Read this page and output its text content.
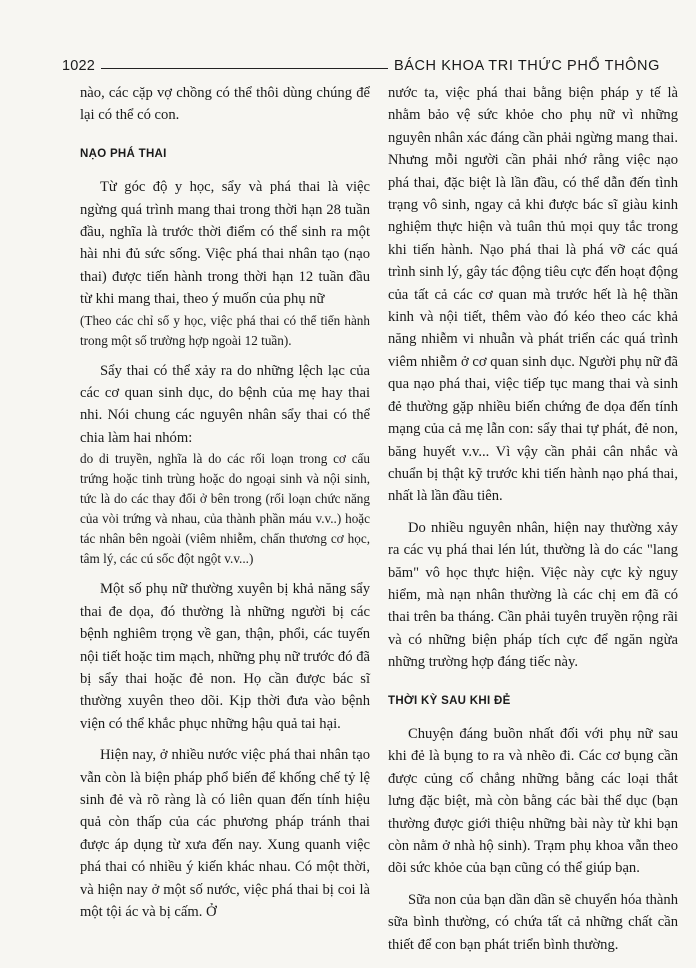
1022	BÁCH KHOA TRI THỨC PHỔ THÔNG

nào, các cặp vợ chồng có thể thôi dùng chúng để lại có thể có con.

NẠO PHÁ THAI

Từ góc độ y học, sẩy và phá thai là việc ngừng quá trình mang thai trong thời hạn 28 tuần đầu, nghĩa là trước thời điểm có thể sinh ra một hài nhi đủ sức sống. Việc phá thai nhân tạo (nạo thai) được tiến hành trong thời hạn 12 tuần đầu từ khi mang thai, theo ý muốn của phụ nữ

(Theo các chỉ số y học, việc phá thai có thể tiến hành trong một số trường hợp ngoài 12 tuần).

Sẩy thai có thể xảy ra do những lệch lạc của các cơ quan sinh dục, do bệnh của mẹ hay thai nhi. Nói chung các nguyên nhân sẩy thai có thể chia làm hai nhóm:

do di truyền, nghĩa là do các rối loạn trong cơ cấu trứng hoặc tinh trùng hoặc do ngoại sinh và nội sinh, tức là do các thay đổi ở bên trong (rối loạn chức năng của vòi trứng và nhau, của thành phần máu v.v..) hoặc tác nhân bên ngoài (viêm nhiễm, chấn thương cơ học, tâm lý, các cú sốc đột ngột v.v...)

Một số phụ nữ thường xuyên bị khả năng sẩy thai đe dọa, đó thường là những người bị các bệnh nghiêm trọng về gan, thận, phổi, các tuyến nội tiết hoặc tim mạch, những phụ nữ trước đó đã bị sẩy thai hoặc đẻ non. Họ cần được bác sĩ thường xuyên theo dõi. Kịp thời đưa vào bệnh viện có thể khắc phục những hậu quả tai hại.

Hiện nay, ở nhiều nước việc phá thai nhân tạo vẫn còn là biện pháp phổ biến để khống chế tỷ lệ sinh đẻ và rõ ràng là có liên quan đến tính hiệu quả còn thấp của các phương pháp tránh thai được áp dụng từ xưa đến nay. Xung quanh việc phá thai có nhiều ý kiến khác nhau. Có một thời, và hiện nay ở một số nước, việc phá thai bị coi là một tội ác và bị cấm. Ở

nước ta, việc phá thai bằng biện pháp y tế là nhằm bảo vệ sức khỏe cho phụ nữ vì những nguyên nhân xác đáng cần phải ngừng mang thai. Nhưng mỗi người cần phải nhớ rằng việc nạo phá thai, đặc biệt là lần đầu, có thể dẫn đến tình trạng vô sinh, ngay cả khi được bác sĩ giàu kinh nghiệm thực hiện và tuân thủ mọi quy tắc trong khi tiến hành. Nạo phá thai là phá vỡ các quá trình sinh lý, gây tác động tiêu cực đến hoạt động của tất cả các cơ quan mà trước hết là hệ thần kinh và nội tiết, thêm vào đó kéo theo các khả năng nhiễm vi nhuẫn và phát triển các quá trình viêm nhiễm ở cơ quan sinh dục. Người phụ nữ đã qua nạo phá thai, việc tiếp tục mang thai và sinh đẻ thường gặp nhiều biến chứng đe dọa đến tính mạng của cả mẹ lẫn con: sẩy thai tự phát, đẻ non, băng huyết v.v... Vì vậy cần phải cân nhắc và chuẩn bị thật kỹ trước khi tiến hành nạo phá thai, nhất là lần đầu tiên.

Do nhiều nguyên nhân, hiện nay thường xảy ra các vụ phá thai lén lút, thường là do các "lang băm" vô học thực hiện. Việc này cực kỳ nguy hiểm, mà nạn nhân thường là các chị em đã có thai trên ba tháng. Cần phải tuyên truyền rộng rãi và có những biện pháp tích cực để ngăn ngừa những trường hợp đáng tiếc này.

THỜI KỲ SAU KHI ĐẺ

Chuyện đáng buồn nhất đối với phụ nữ sau khi đẻ là bụng to ra và nhẽo đi. Các cơ bụng cần được củng cố chẳng những bằng các loại thắt lưng đặc biệt, mà còn bằng các bài thể dục (bạn thường được giới thiệu những bài này từ khi bạn còn nằm ở nhà hộ sinh). Trạm phụ khoa vẫn theo dõi sức khỏe của bạn cũng có thể giúp bạn.

Sữa non của bạn dần dần sẽ chuyển hóa thành sữa bình thường, có chứa tất cả những chất cần thiết để con bạn phát triển bình thường.
